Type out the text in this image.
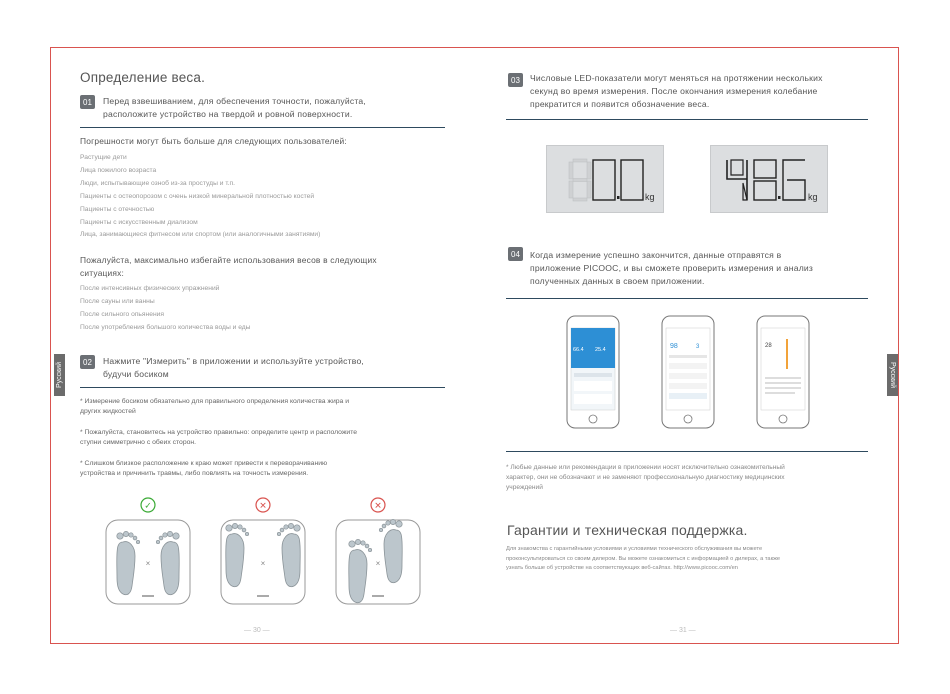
Русский	Русский
Определение веса.
01	Перед взвешиванием, для обеспечения точности, пожалуйста,
расположите устройство на твердой и ровной поверхности.
Погрешности могут быть больше для следующих пользователей:
Растущие дети
Лица пожилого возраста
Люди, испытывающие озноб из-за простуды и т.п.
Пациенты с остеопорозом с очень низкой минеральной плотностью костей
Пациенты с отечностью
Пациенты с искусственным диализом
Лица, занимающиеся фитнесом или спортом (или аналогичными занятиями)
Пожалуйста, максимально избегайте использования весов в следующих
ситуациях:
После интенсивных физических упражнений
После сауны или ванны
После сильного опьянения
После употребления большого количества воды и еды
02	Нажмите "Измерить" в приложении и используйте устройство,
будучи босиком
* Измерение босиком обязательно для правильного определения количества жира и
других жидкостей
* Пожалуйста, становитесь на устройство правильно: определите центр и расположите
ступни симметрично с обеих сторон.
* Слишком близкое расположение к краю может привести к переворачиванию
устройства и причинить травмы, либо повлиять на точность измерения.
✓	✕	✕
×	×	×
— 30 —
03	Числовые LED-показатели могут меняться на протяжении нескольких
секунд во время измерения. После окончания измерения колебание
прекратится и появится обозначение веса.
kg	kg
04	Когда измерение успешно закончится, данные отправятся в
приложение PICOOC, и вы сможете проверить измерения и анализ
полученных данных в своем приложении.
66.4 25.4	98	3	28
* Любые данные или рекомендации в приложении носят исключительно ознакомительный
характер, они не обозначают и не заменяют профессиональную диагностику медицинских
учреждений
Гарантии и техническая поддержка.
Для знакомства с гарантийными условиями и условиями технического обслуживания вы можете
проконсультироваться со своим дилером. Вы можете ознакомиться с информацией о дилерах, а также
узнать больше об устройстве на соответствующих веб-сайтах. http://www.picooc.com/en
— 31 —
